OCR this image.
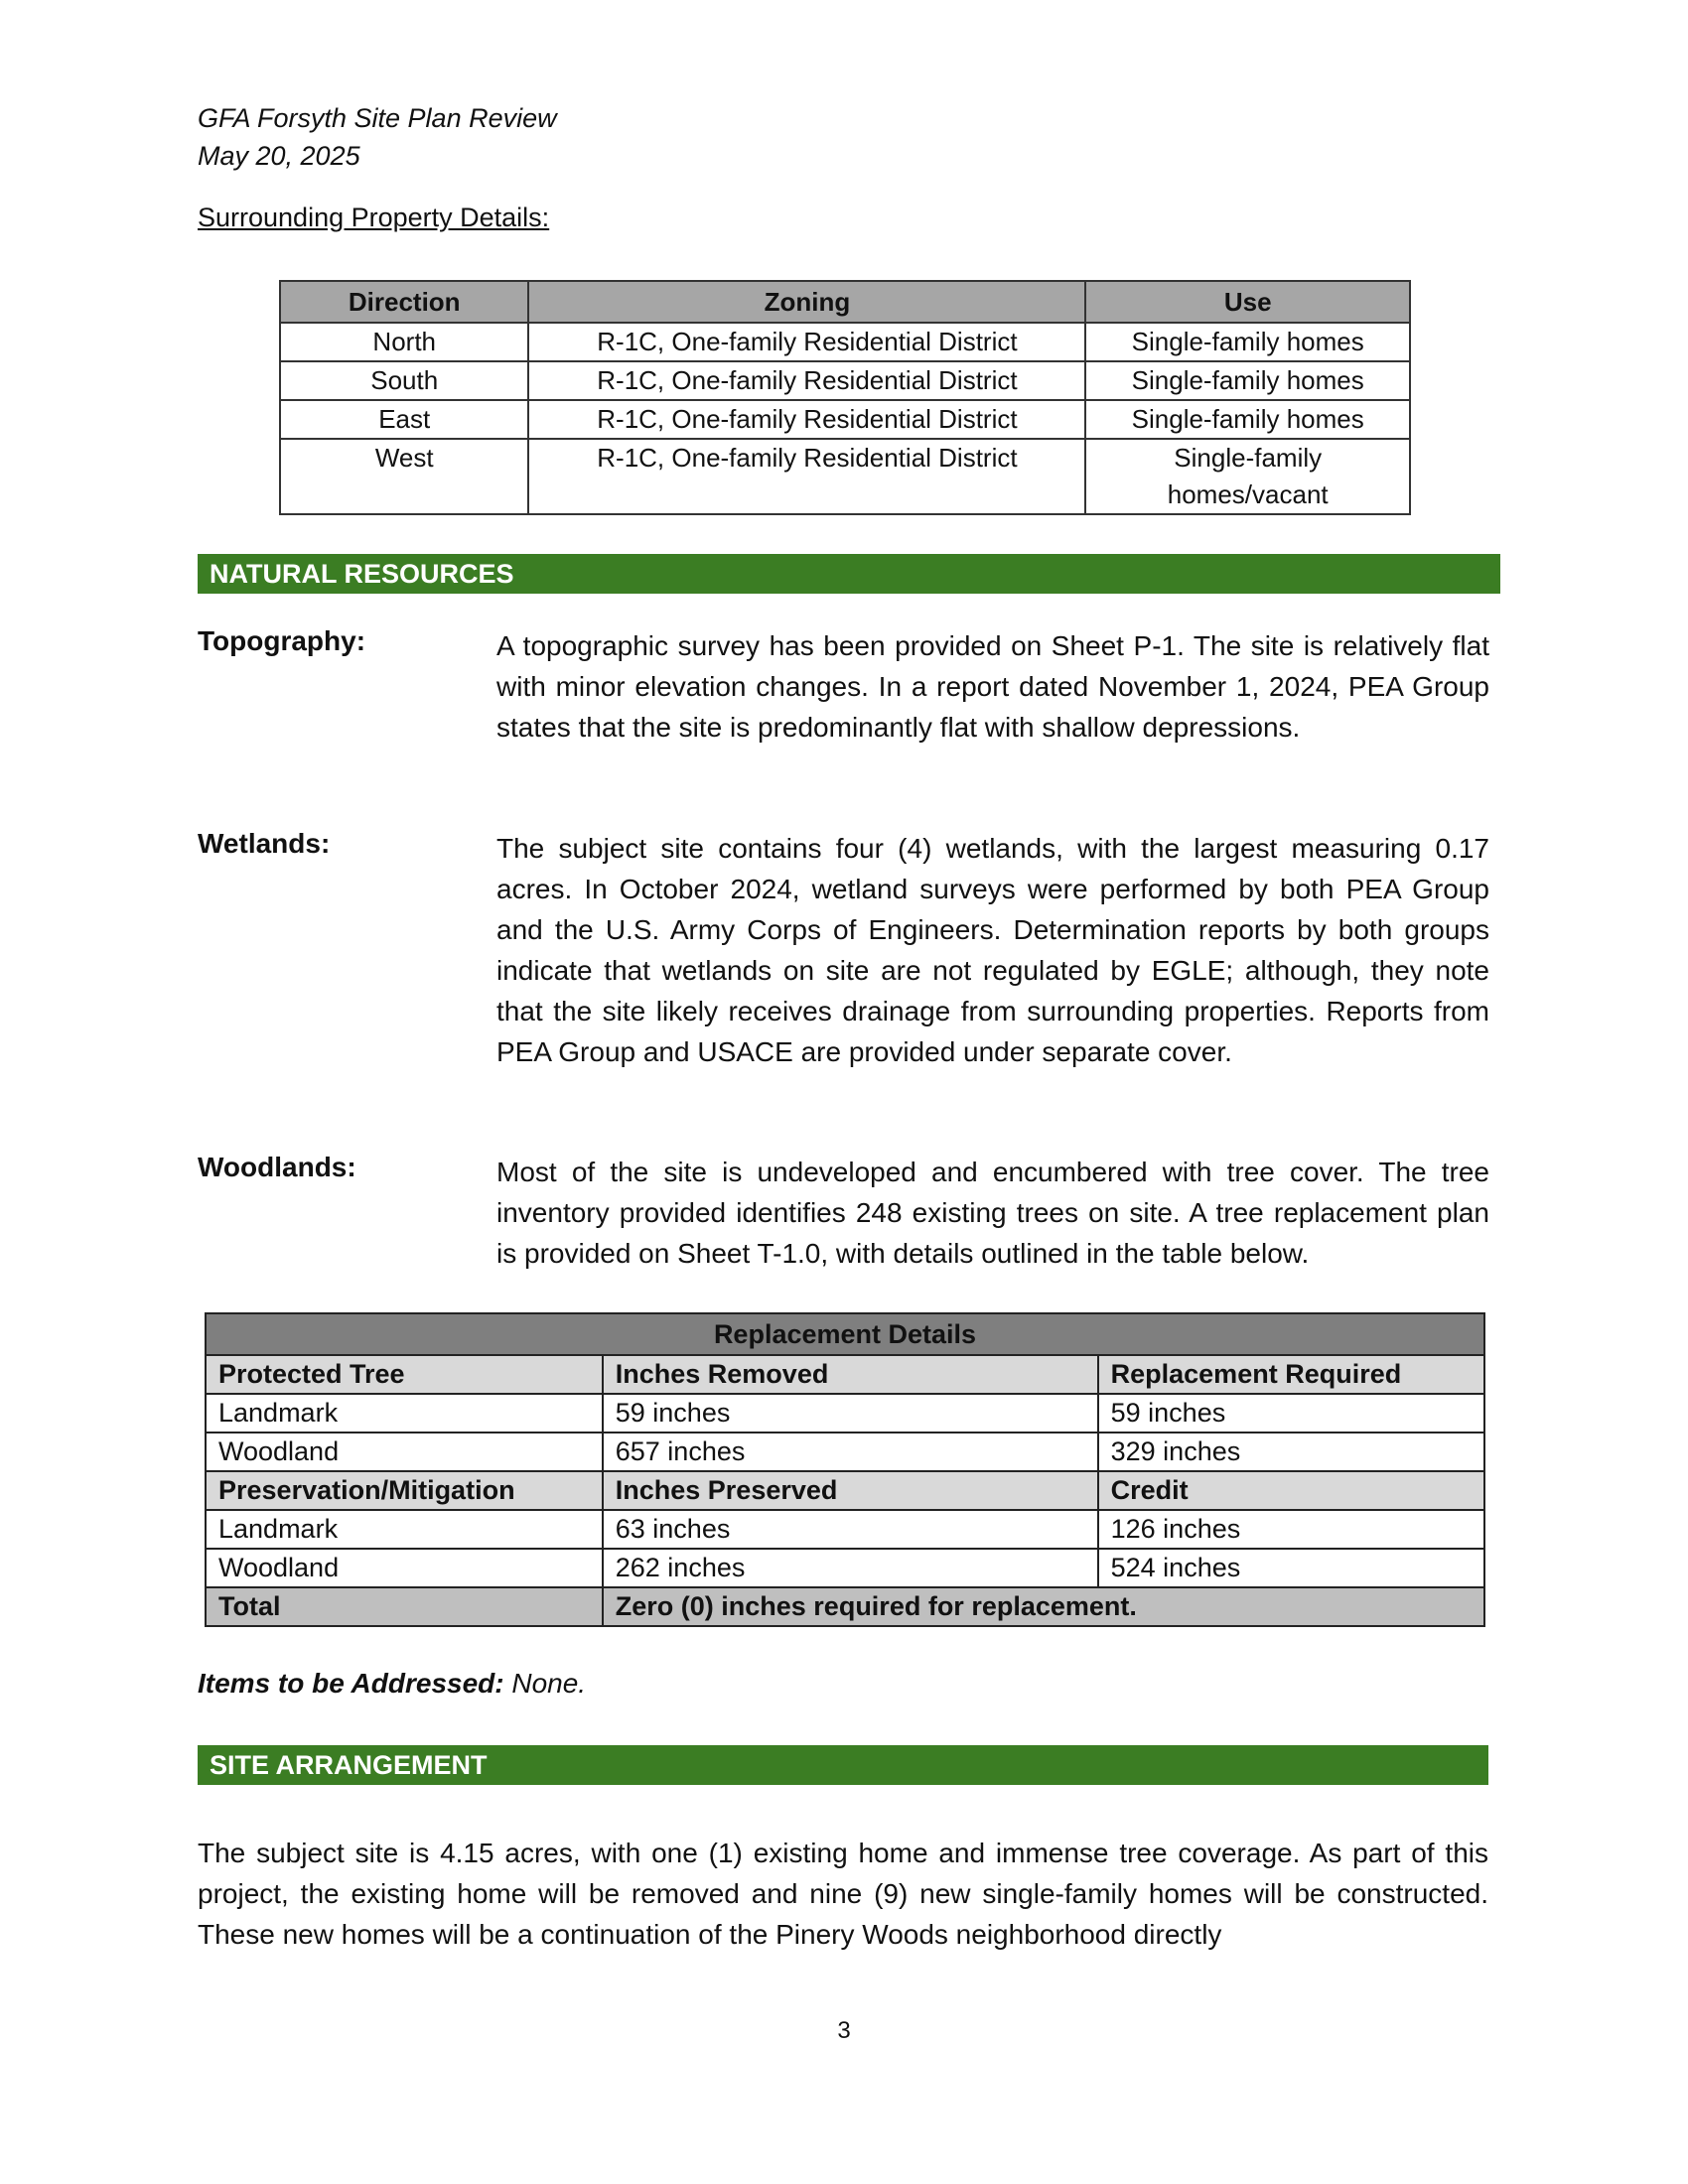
GFA Forsyth Site Plan Review
May 20, 2025
Surrounding Property Details:
Direction	Zoning	Use
North	R-1C, One-family Residential District	Single-family homes
South	R-1C, One-family Residential District	Single-family homes
East	R-1C, One-family Residential District	Single-family homes
West	R-1C, One-family Residential District	Single-family homes/vacant
NATURAL RESOURCES
Topography:	A topographic survey has been provided on Sheet P-1. The site is relatively flat with minor elevation changes. In a report dated November 1, 2024, PEA Group states that the site is predominantly flat with shallow depressions.
Wetlands:	The subject site contains four (4) wetlands, with the largest measuring 0.17 acres. In October 2024, wetland surveys were performed by both PEA Group and the U.S. Army Corps of Engineers. Determination reports by both groups indicate that wetlands on site are not regulated by EGLE; although, they note that the site likely receives drainage from surrounding properties. Reports from PEA Group and USACE are provided under separate cover.
Woodlands:	Most of the site is undeveloped and encumbered with tree cover. The tree inventory provided identifies 248 existing trees on site. A tree replacement plan is provided on Sheet T-1.0, with details outlined in the table below.
Replacement Details		
Protected Tree	Inches Removed	Replacement Required
Landmark	59 inches	59 inches
Woodland	657 inches	329 inches
Preservation/Mitigation	Inches Preserved	Credit
Landmark	63 inches	126 inches
Woodland	262 inches	524 inches
Total	Zero (0) inches required for replacement.	
Items to be Addressed: None.
SITE ARRANGEMENT
The subject site is 4.15 acres, with one (1) existing home and immense tree coverage. As part of this project, the existing home will be removed and nine (9) new single-family homes will be constructed. These new homes will be a continuation of the Pinery Woods neighborhood directly
3
